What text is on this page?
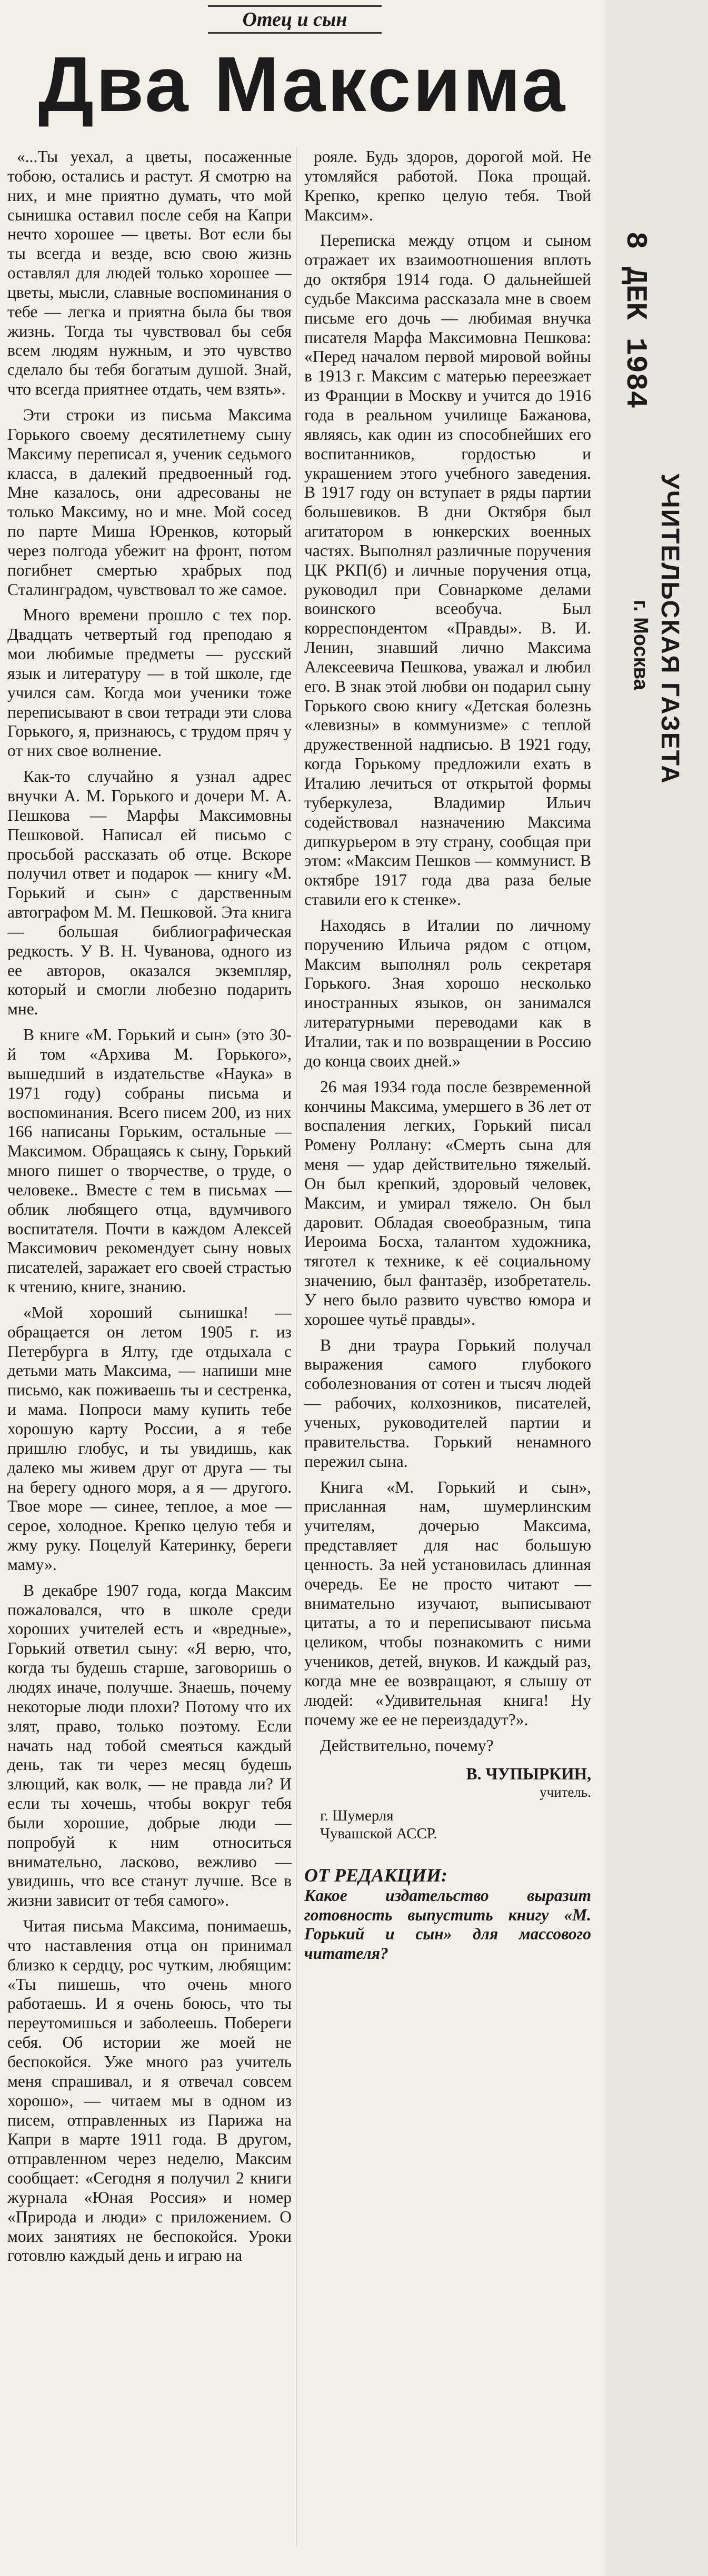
Отец и сын
Два Максима

«...Ты уехал, а цветы, посаженные тобою, остались и растут. Я смотрю на них, и мне приятно думать, что мой сынишка оставил после себя на Капри нечто хорошее — цветы. Вот если бы ты всегда и везде, всю свою жизнь оставлял для людей только хорошее — цветы, мысли, славные воспоминания о тебе — легка и приятна была бы твоя жизнь. Тогда ты чувствовал бы себя всем людям нужным, и это чувство сделало бы тебя богатым душой. Знай, что всегда приятнее отдать, чем взять».

Эти строки из письма Максима Горького своему десятилетнему сыну Максиму переписал я, ученик седьмого класса, в далекий предвоенный год. Мне казалось, они адресованы не только Максиму, но и мне. Мой сосед по парте Миша Юренков, который через полгода убежит на фронт, потом погибнет смертью храбрых под Сталинградом, чувствовал то же самое.

Много времени прошло с тех пор. Двадцать четвертый год преподаю я мои любимые предметы — русский язык и литературу — в той школе, где учился сам. Когда мои ученики тоже переписывают в свои тетради эти слова Горького, я, признаюсь, с трудом пряч у от них свое волнение.

Как-то случайно я узнал адрес внучки А. М. Горького и дочери М. А. Пешкова — Марфы Максимовны Пешковой. Написал ей письмо с просьбой рассказать об отце. Вскоре получил ответ и подарок — книгу «М. Горький и сын» с дарственным автографом М. М. Пешковой. Эта книга — большая библиографическая редкость. У В. Н. Чуванова, одного из ее авторов, оказался экземпляр, который и смогли любезно подарить мне.

В книге «М. Горький и сын» (это 30-й том «Архива М. Горького», вышедший в издательстве «Наука» в 1971 году) собраны письма и воспоминания. Всего писем 200, из них 166 написаны Горьким, остальные — Максимом. Обращаясь к сыну, Горький много пишет о творчестве, о труде, о человеке.. Вместе с тем в письмах — облик любящего отца, вдумчивого воспитателя. Почти в каждом Алексей Максимович рекомендует сыну новых писателей, заражает его своей страстью к чтению, книге, знанию.

«Мой хороший сынишка! — обращается он летом 1905 г. из Петербурга в Ялту, где отдыхала с детьми мать Максима, — напиши мне письмо, как поживаешь ты и сестренка, и мама. Попроси маму купить тебе хорошую карту России, а я тебе пришлю глобус, и ты увидишь, как далеко мы живем друг от друга — ты на берегу одного моря, а я — другого. Твое море — синее, теплое, а мое — серое, холодное. Крепко целую тебя и жму руку. Поцелуй Катеринку, береги маму».

В декабре 1907 года, когда Максим пожаловался, что в школе среди хороших учителей есть и «вредные», Горький ответил сыну: «Я верю, что, когда ты будешь старше, заговоришь о людях иначе, получше. Знаешь, почему некоторые люди плохи? Потому что их злят, право, только поэтому. Если начать над тобой смеяться каждый день, так ти через месяц будешь злющий, как волк, — не правда ли? И если ты хочешь, чтобы вокруг тебя были хорошие, добрые люди — попробуй к ним относиться внимательно, ласково, вежливо — увидишь, что все станут лучше. Все в жизни зависит от тебя самого».

Читая письма Максима, понимаешь, что наставления отца он принимал близко к сердцу, рос чутким, любящим: «Ты пишешь, что очень много работаешь. И я очень боюсь, что ты переутомишься и заболеешь. Побереги себя. Об истории же моей не беспокойся. Уже много раз учитель меня спрашивал, и я отвечал совсем хорошо», — читаем мы в одном из писем, отправленных из Парижа на Капри в марте 1911 года. В другом, отправленном через неделю, Максим сообщает: «Сегодня я получил 2 книги журнала «Юная Россия» и номер «Природа и люди» с приложением. О моих занятиях не беспокойся. Уроки готовлю каждый день и играю на

рояле. Будь здоров, дорогой мой. Не утомляйся работой. Пока прощай. Крепко, крепко целую тебя. Твой Максим».

Переписка между отцом и сыном отражает их взаимоотношения вплоть до октября 1914 года. О дальнейшей судьбе Максима рассказала мне в своем письме его дочь — любимая внучка писателя Марфа Максимовна Пешкова: «Перед началом первой мировой войны в 1913 г. Максим с матерью переезжает из Франции в Москву и учится до 1916 года в реальном училище Бажанова, являясь, как один из способнейших его воспитанников, гордостью и украшением этого учебного заведения. В 1917 году он вступает в ряды партии большевиков. В дни Октября был агитатором в юнкерских военных частях. Выполнял различные поручения ЦК РКП(б) и личные поручения отца, руководил при Совнаркоме делами воинского всеобуча. Был корреспондентом «Правды». В. И. Ленин, знавший лично Максима Алексеевича Пешкова, уважал и любил его. В знак этой любви он подарил сыну Горького свою книгу «Детская болезнь «левизны» в коммунизме» с теплой дружественной надписью. В 1921 году, когда Горькому предложили ехать в Италию лечиться от открытой формы туберкулеза, Владимир Ильич содействовал назначению Максима дипкурьером в эту страну, сообщая при этом: «Максим Пешков — коммунист. В октябре 1917 года два раза белые ставили его к стенке».

Находясь в Италии по личному поручению Ильича рядом с отцом, Максим выполнял роль секретаря Горького. Зная хорошо несколько иностранных языков, он занимался литературными переводами как в Италии, так и по возвращении в Россию до конца своих дней.»

26 мая 1934 года после безвременной кончины Максима, умершего в 36 лет от воспаления легких, Горький писал Ромену Роллану: «Смерть сына для меня — удар действительно тяжелый. Он был крепкий, здоровый человек, Максим, и умирал тяжело. Он был даровит. Обладая своеобразным, типа Иероима Босха, талантом художника, тяготел к технике, к её социальному значению, был фантазёр, изобретатель. У него было развито чувство юмора и хорошее чутьё правды».

В дни траура Горький получал выражения самого глубокого соболезнования от сотен и тысяч людей — рабочих, колхозников, писателей, ученых, руководителей партии и правительства. Горький ненамного пережил сына.

Книга «М. Горький и сын», присланная нам, шумерлинским учителям, дочерью Максима, представляет для нас большую ценность. За ней установилась длинная очередь. Ее не просто читают — внимательно изучают, выписывают цитаты, а то и переписывают письма целиком, чтобы познакомить с ними учеников, детей, внуков. И каждый раз, когда мне ее возвращают, я слышу от людей: «Удивительная книга! Ну почему же ее не переиздадут?».

Действительно, почему?

В. ЧУПЫРКИН,
учитель.
г. Шумерля
Чувашской АССР.
ОТ РЕДАКЦИИ:
Какое издательство выразит готовность выпустить книгу «М. Горький и сын» для массового читателя?
8 ДЕК 1984
УЧИТЕЛЬСКАЯ ГАЗЕТА
г. Москва
